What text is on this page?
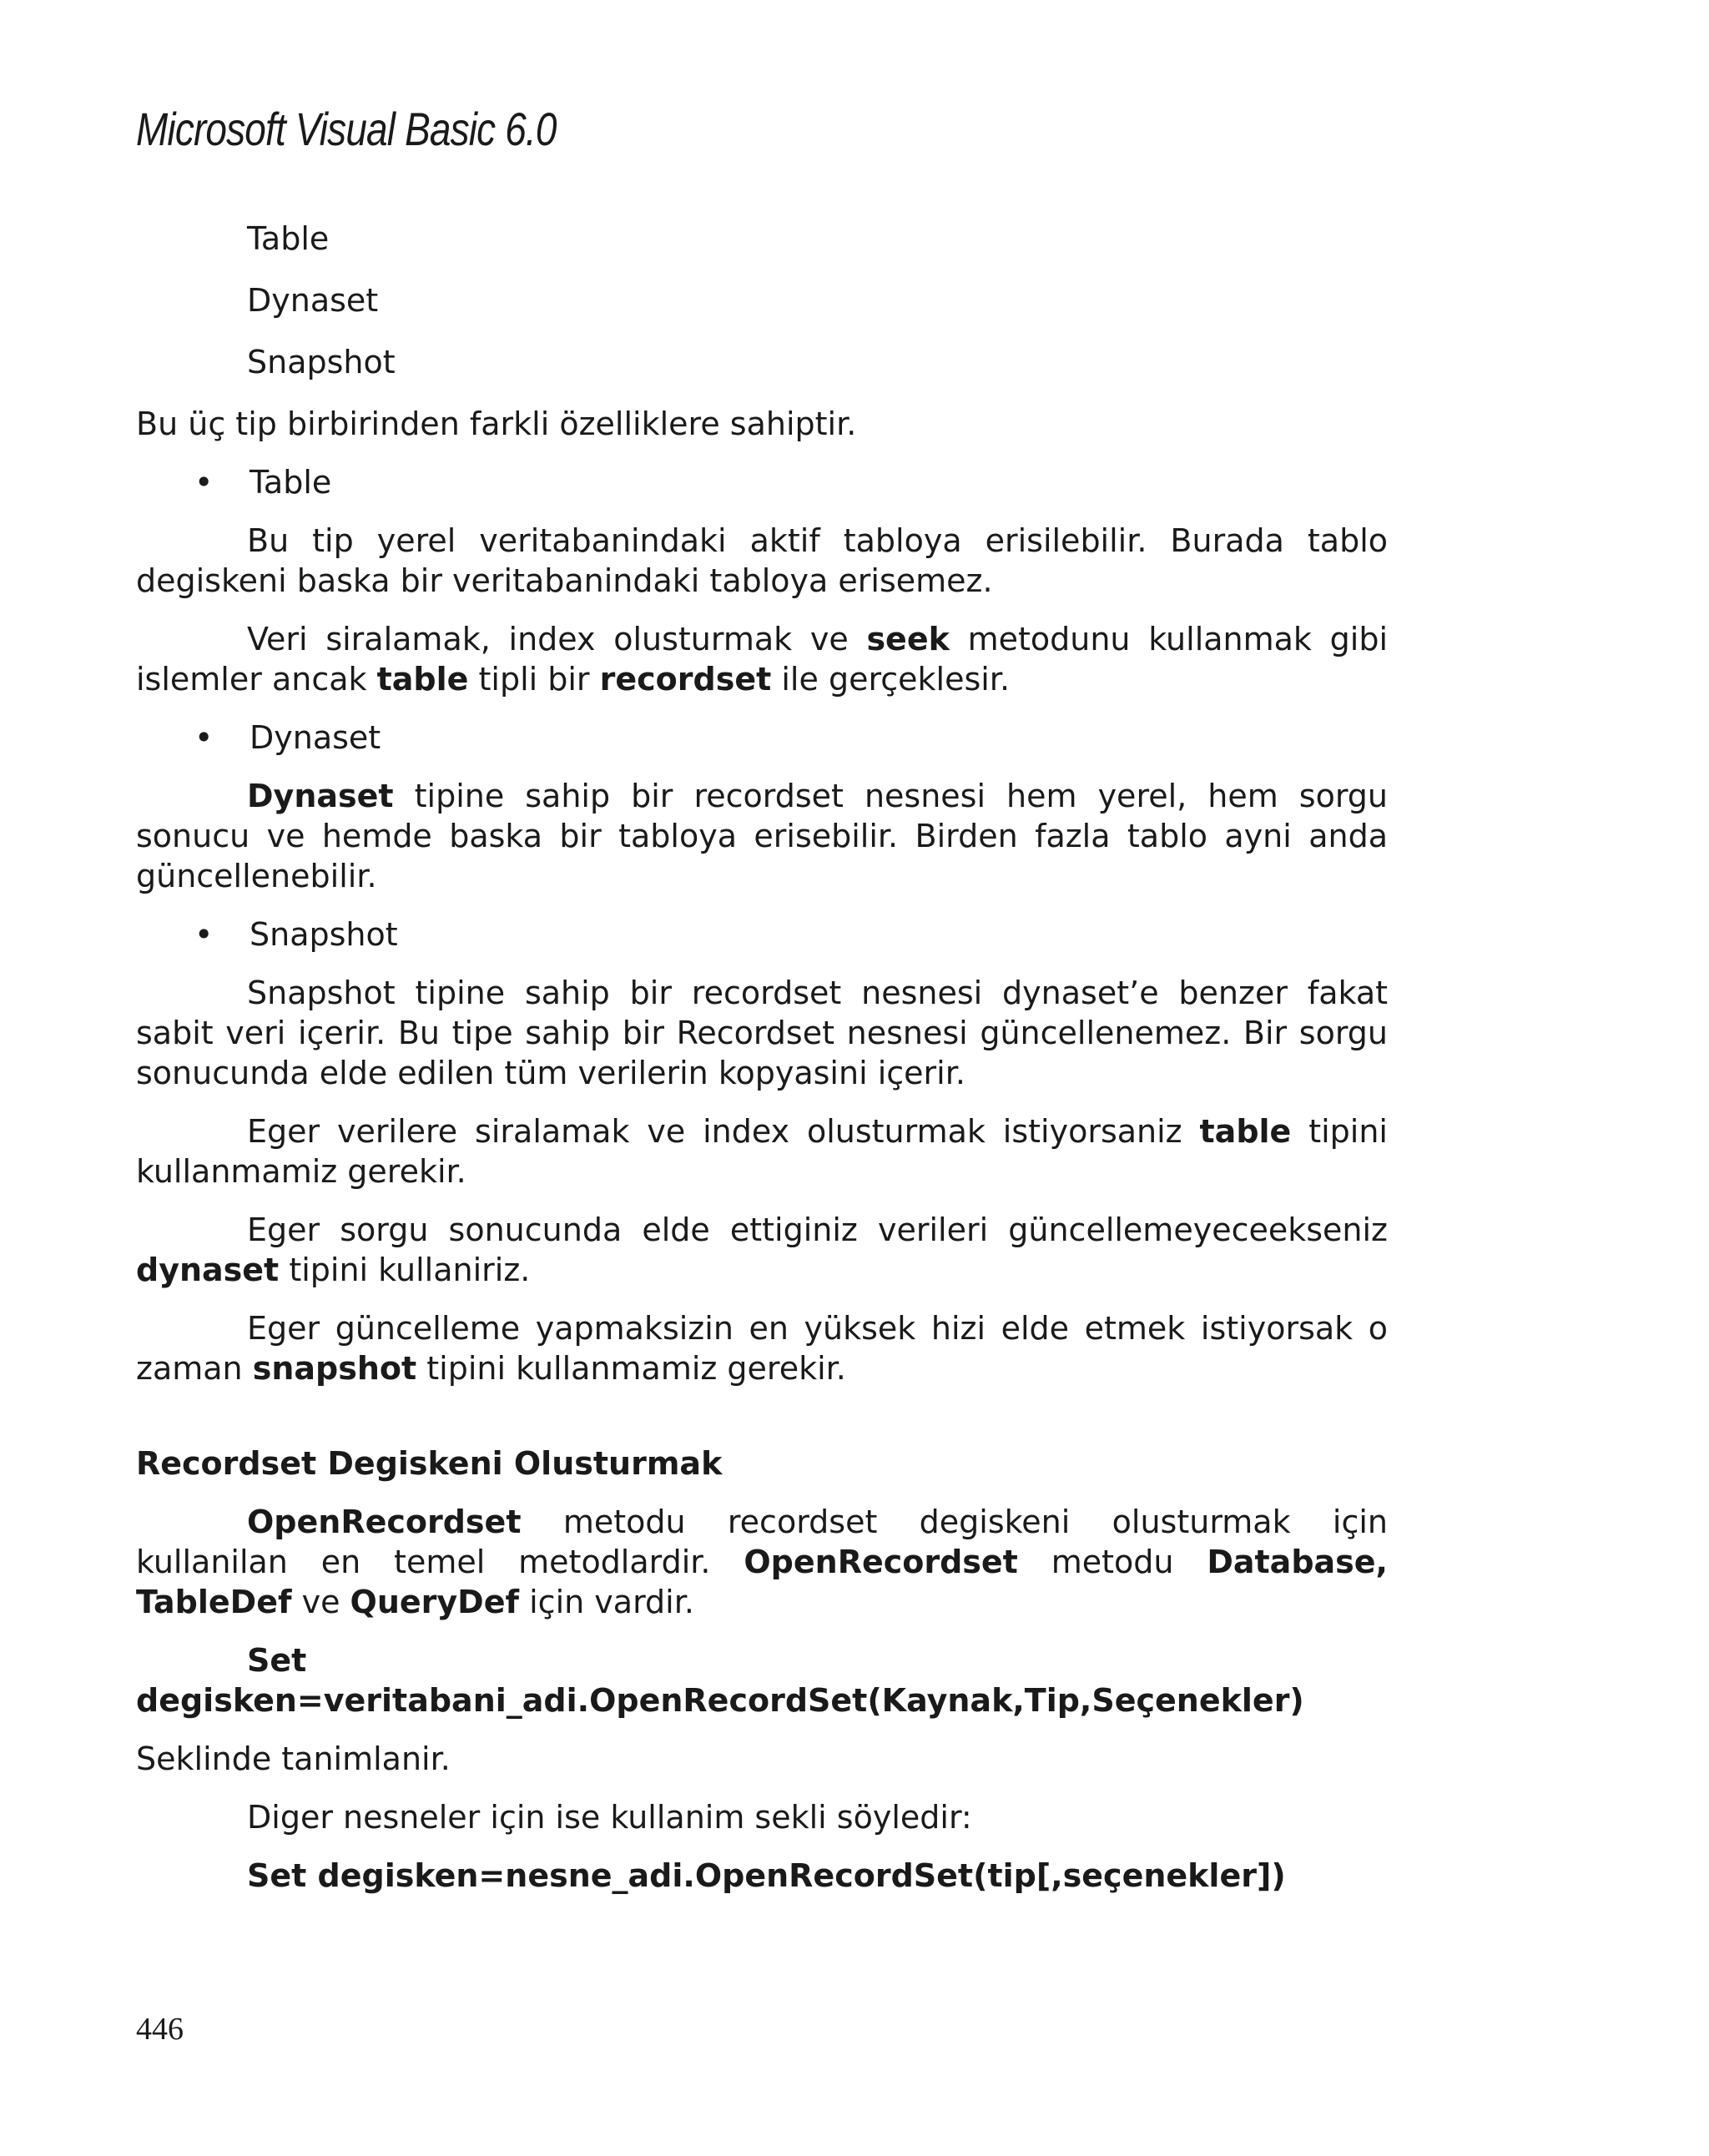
Microsoft Visual Basic 6.0
Table
Dynaset
Snapshot

Bu üç tip birbirinden farkli özelliklere sahiptir.

•	Table

Bu tip yerel veritabanindaki aktif tabloya erisilebilir. Burada tablo degiskeni baska bir veritabanindaki tabloya erisemez.

Veri siralamak, index olusturmak ve seek metodunu kullanmak gibi islemler ancak table tipli bir recordset ile gerçeklesir.

•	Dynaset

Dynaset tipine sahip bir recordset nesnesi hem yerel, hem sorgu sonucu ve hemde baska bir tabloya erisebilir. Birden fazla tablo ayni anda güncellenebilir.

•	Snapshot

Snapshot tipine sahip bir recordset nesnesi dynaset’e benzer fakat sabit veri içerir. Bu tipe sahip bir Recordset nesnesi güncellenemez. Bir sorgu sonucunda elde edilen tüm verilerin kopyasini içerir.

Eger verilere siralamak ve index olusturmak istiyorsaniz table tipini kullanmamiz gerekir.

Eger sorgu sonucunda elde ettiginiz verileri güncellemeyeceekseniz dynaset tipini kullaniriz.

Eger güncelleme yapmaksizin en yüksek hizi elde etmek istiyorsak o zaman snapshot tipini kullanmamiz gerekir.

Recordset Degiskeni Olusturmak

OpenRecordset metodu recordset degiskeni olusturmak için kullanilan en temel metodlardir. OpenRecordset metodu Database, TableDef ve QueryDef için vardir.

Set degisken=veritabani_adi.OpenRecordSet(Kaynak,Tip,Seçenekler)

Seklinde tanimlanir.

Diger nesneler için ise kullanim sekli söyledir:

Set degisken=nesne_adi.OpenRecordSet(tip[,seçenekler])
446
